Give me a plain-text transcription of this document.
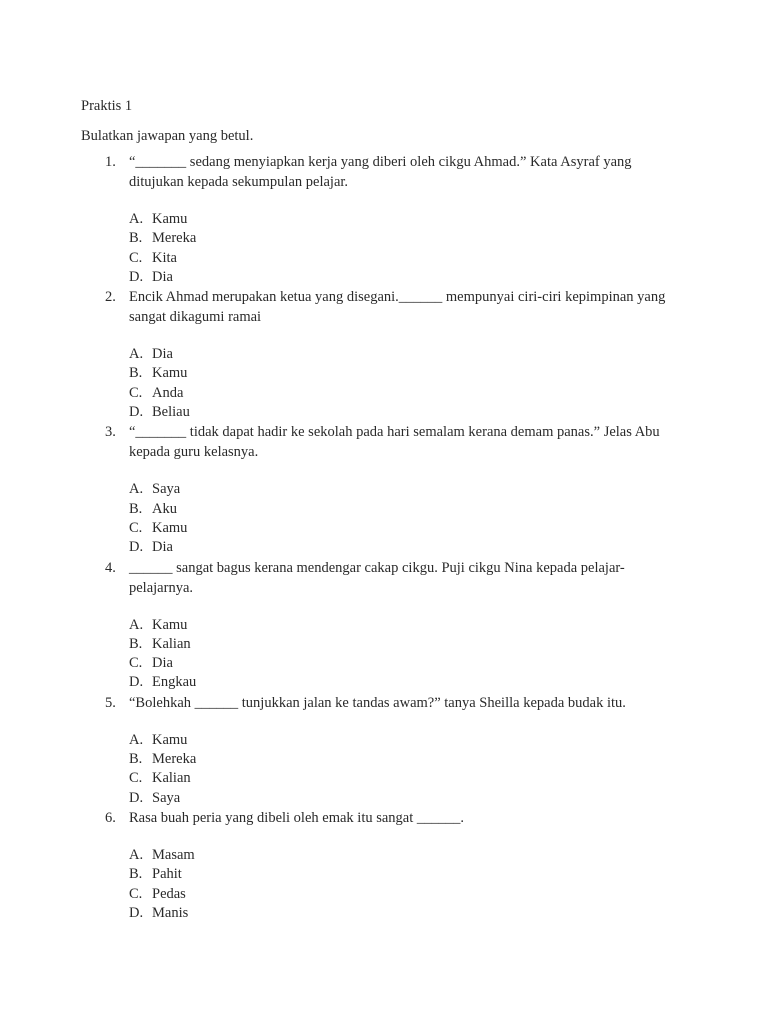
Praktis 1
Bulatkan jawapan yang betul.
1. “_______ sedang menyiapkan kerja yang diberi oleh cikgu Ahmad.” Kata Asyraf yang ditujukan kepada sekumpulan pelajar.
A. Kamu
B. Mereka
C. Kita
D. Dia
2. Encik Ahmad merupakan ketua yang disegani.______ mempunyai ciri-ciri kepimpinan yang sangat dikagumi ramai
A. Dia
B. Kamu
C. Anda
D. Beliau
3. “_______ tidak dapat hadir ke sekolah pada hari semalam kerana demam panas.” Jelas Abu kepada guru kelasnya.
A. Saya
B. Aku
C. Kamu
D. Dia
4. ______ sangat bagus kerana mendengar cakap cikgu. Puji cikgu Nina kepada pelajar-pelajarnya.
A. Kamu
B. Kalian
C. Dia
D. Engkau
5. “Bolehkah ______ tunjukkan jalan ke tandas awam?” tanya Sheilla kepada budak itu.
A. Kamu
B. Mereka
C. Kalian
D. Saya
6. Rasa buah peria yang dibeli oleh emak itu sangat ______.
A. Masam
B. Pahit
C. Pedas
D. Manis
